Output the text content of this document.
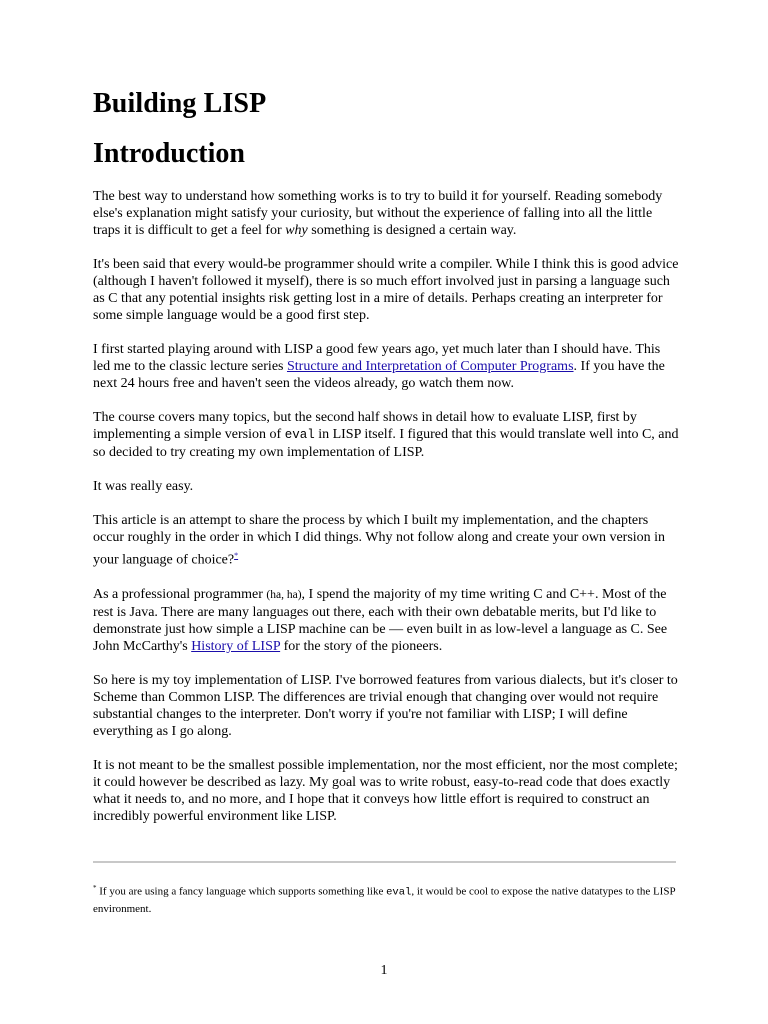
Building LISP
Introduction

The best way to understand how something works is to try to build it for yourself. Reading somebody else's explanation might satisfy your curiosity, but without the experience of falling into all the little traps it is difficult to get a feel for why something is designed a certain way.

It's been said that every would-be programmer should write a compiler. While I think this is good advice (although I haven't followed it myself), there is so much effort involved just in parsing a language such as C that any potential insights risk getting lost in a mire of details. Perhaps creating an interpreter for some simple language would be a good first step.

I first started playing around with LISP a good few years ago, yet much later than I should have. This led me to the classic lecture series Structure and Interpretation of Computer Programs. If you have the next 24 hours free and haven't seen the videos already, go watch them now.

The course covers many topics, but the second half shows in detail how to evaluate LISP, first by implementing a simple version of eval in LISP itself. I figured that this would translate well into C, and so decided to try creating my own implementation of LISP.

It was really easy.

This article is an attempt to share the process by which I built my implementation, and the chapters occur roughly in the order in which I did things. Why not follow along and create your own version in your language of choice?*

As a professional programmer (ha, ha), I spend the majority of my time writing C and C++. Most of the rest is Java. There are many languages out there, each with their own debatable merits, but I'd like to demonstrate just how simple a LISP machine can be — even built in as low-level a language as C. See John McCarthy's History of LISP for the story of the pioneers.

So here is my toy implementation of LISP. I've borrowed features from various dialects, but it's closer to Scheme than Common LISP. The differences are trivial enough that changing over would not require substantial changes to the interpreter. Don't worry if you're not familiar with LISP; I will define everything as I go along.

It is not meant to be the smallest possible implementation, nor the most efficient, nor the most complete; it could however be described as lazy. My goal was to write robust, easy-to-read code that does exactly what it needs to, and no more, and I hope that it conveys how little effort is required to construct an incredibly powerful environment like LISP.

* If you are using a fancy language which supports something like eval, it would be cool to expose the native datatypes to the LISP environment.
1
